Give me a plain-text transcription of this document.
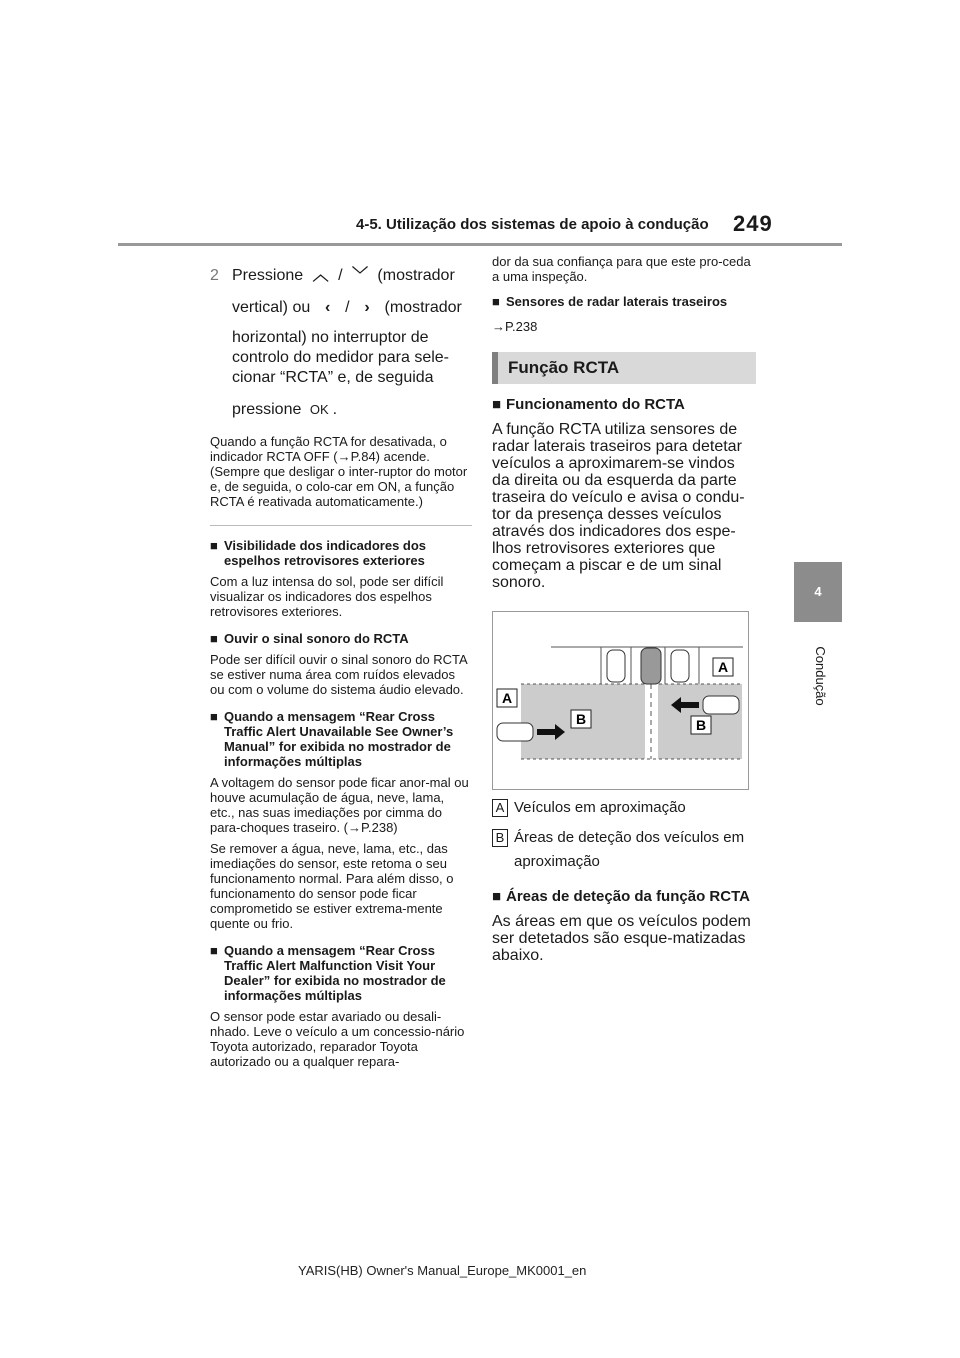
4-5. Utilização dos sistemas de apoio à condução 249
4
Condução
2 Pressione ︿ / ﹀ (mostrador
vertical) ou ‹ / › (mostrador
horizontal) no interruptor de controlo do medidor para sele-cionar “RCTA” e, de seguida
pressione OK .
Quando a função RCTA for desativada, o indicador RCTA OFF (→P.84) acende. (Sempre que desligar o inter-ruptor do motor e, de seguida, o colo-car em ON, a função RCTA é reativada automaticamente.)
■ Visibilidade dos indicadores dos espelhos retrovisores exteriores
Com a luz intensa do sol, pode ser difícil visualizar os indicadores dos espelhos retrovisores exteriores.
■ Ouvir o sinal sonoro do RCTA
Pode ser difícil ouvir o sinal sonoro do RCTA se estiver numa área com ruídos elevados ou com o volume do sistema áudio elevado.
■ Quando a mensagem “Rear Cross Traffic Alert Unavailable See Owner’s Manual” for exibida no mostrador de informações múltiplas
A voltagem do sensor pode ficar anor-mal ou houve acumulação de água, neve, lama, etc., nas suas imediações por cimma do para-choques traseiro. (→P.238)
Se remover a água, neve, lama, etc., das imediações do sensor, este retoma o seu funcionamento normal. Para além disso, o funcionamento do sensor pode ficar comprometido se estiver extrema-mente quente ou frio.
■ Quando a mensagem “Rear Cross Traffic Alert Malfunction Visit Your Dealer” for exibida no mostrador de informações múltiplas
O sensor pode estar avariado ou desali-nhado. Leve o veículo a um concessio-nário Toyota autorizado, reparador Toyota autorizado ou a qualquer repara-
dor da sua confiança para que este pro-ceda a uma inspeção.
■ Sensores de radar laterais traseiros
→P.238
Função RCTA
■ Funcionamento do RCTA
A função RCTA utiliza sensores de radar laterais traseiros para detetar veículos a aproximarem-se vindos da direita ou da esquerda da parte traseira do veículo e avisa o condu-tor da presença desses veículos através dos indicadores dos espe-lhos retrovisores exteriores que começam a piscar e de um sinal sonoro.
A
A
B	B
A Veículos em aproximação
B Áreas de deteção dos veículos em aproximação
■ Áreas de deteção da função RCTA
As áreas em que os veículos podem ser detetados são esque-matizadas abaixo.
YARIS(HB) Owner's Manual_Europe_MK0001_en
